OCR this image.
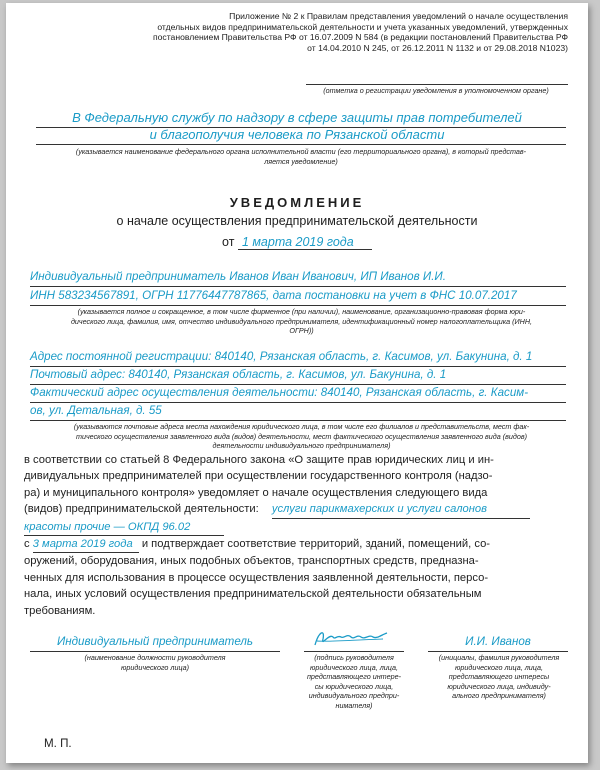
Приложение № 2 к Правилам представления уведомлений о начале осуществления
отдельных видов предпринимательской деятельности и учета указанных уведомлений, утвержденных
постановлением Правительства РФ от 16.07.2009 N 584 (в редакции постановлений Правительства РФ
от 14.04.2010 N 245, от 26.12.2011 N 1132 и от 29.08.2018 N1023)
(отметка о регистрации уведомления в уполномоченном органе)
В Федеральную службу по надзору в сфере защиты прав потребителей
и благополучия человека по Рязанской области
(указывается наименование федерального органа исполнительной власти (его территориального органа), в который представ-
ляется уведомление)
УВЕДОМЛЕНИЕ
о начале осуществления предпринимательской деятельности
от 1 марта 2019 года
Индивидуальный предприниматель Иванов Иван Иванович, ИП Иванов И.И.
ИНН 583234567891, ОГРН 11776447787865, дата постановки на учет в ФНС 10.07.2017
(указывается полное и сокращенное, в том числе фирменное (при наличии), наименование, организационно-правовая форма юри-
дического лица, фамилия, имя, отчество индивидуального предпринимателя, идентификационный номер налогоплательщика (ИНН,
ОГРН))
Адрес постоянной регистрации: 840140, Рязанская область, г. Касимов, ул. Бакунина, д. 1
Почтовый адрес: 840140, Рязанская область, г. Касимов, ул. Бакунина, д. 1
Фактический адрес осуществления деятельности: 840140, Рязанская область, г. Касим-
ов, ул. Детальная, д. 55
(указываются почтовые адреса места нахождения юридического лица, в том числе его филиалов и представительств, мест фак-
тического осуществления заявленного вида (видов) деятельности, мест фактического осуществления заявленного вида (видов)
деятельности индивидуального предпринимателя)
в соответствии со статьей 8 Федерального закона «О защите прав юридических лиц и ин-
дивидуальных предпринимателей при осуществлении государственного контроля (надзо-
ра) и муниципального контроля» уведомляет о начале осуществления следующего вида
(видов) предпринимательской деятельности: услуги парикмахерских и услуги салонов
красоты прочие — ОКПД 96.02
с 3 марта 2019 года и подтверждает соответствие территорий, зданий, помещений, со-
оружений, оборудования, иных подобных объектов, транспортных средств, предназна-
ченных для использования в процессе осуществления заявленной деятельности, персо-
нала, иных условий осуществления предпринимательской деятельности обязательным
требованиям.
Индивидуальный предприниматель
(наименование должности руководителя
юридического лица)
(подпись руководителя
юридического лица, лица,
представляющего интере-
сы юридического лица,
индивидуального предпри-
нимателя)
И.И. Иванов
(инициалы, фамилия руководителя
юридического лица, лица,
представляющего интересы
юридического лица, индивиду-
ального предпринимателя)
М. П.
